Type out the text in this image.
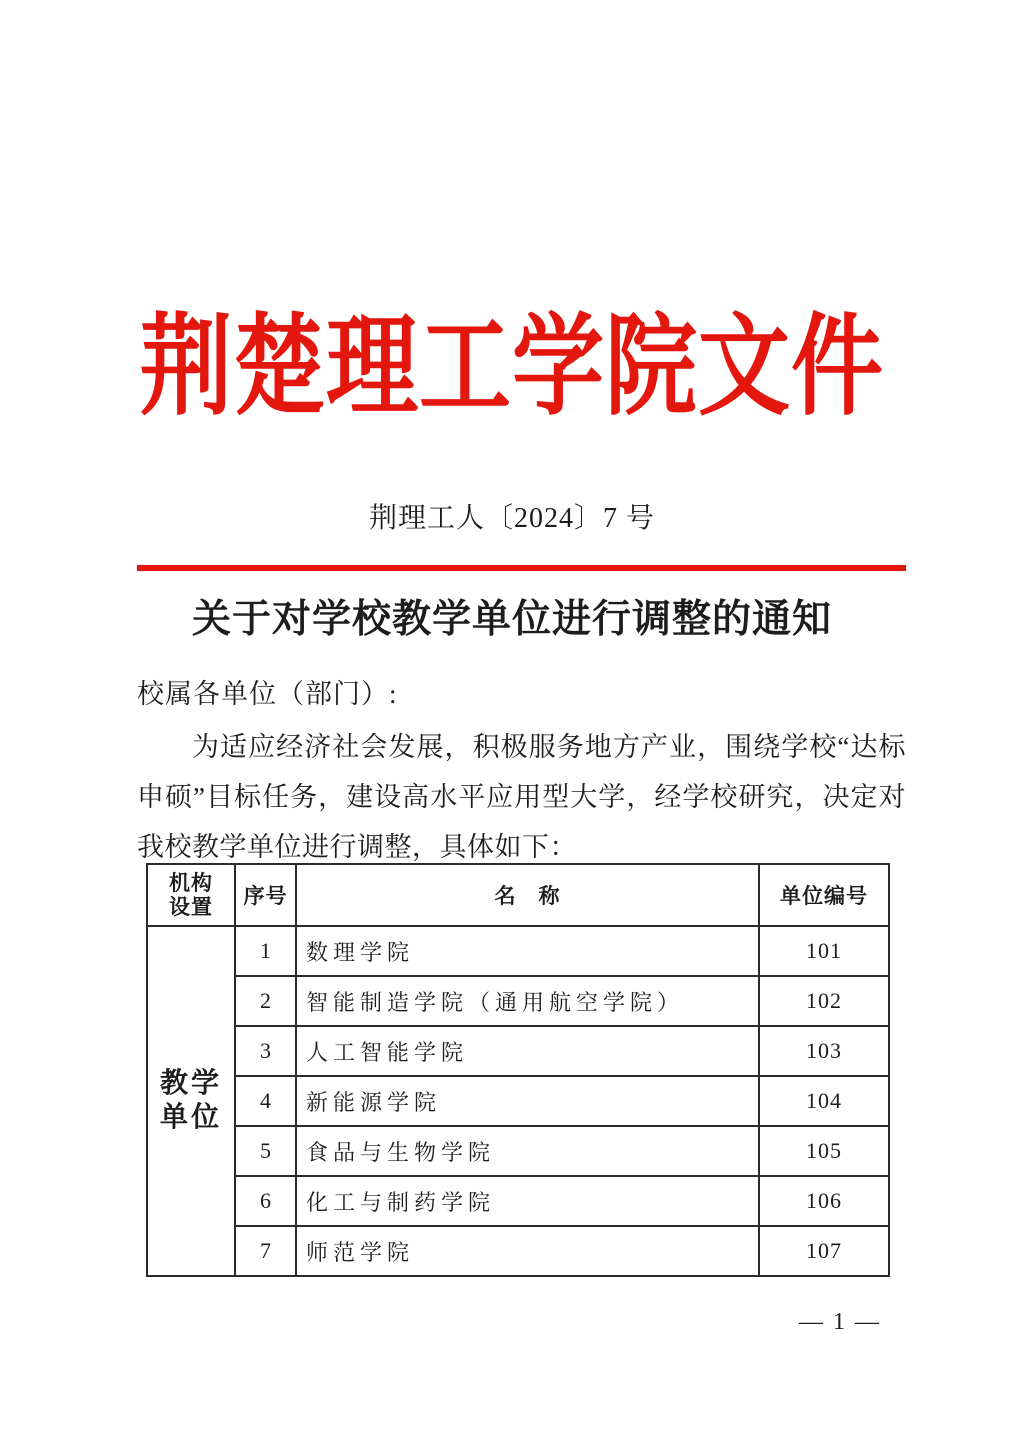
荆楚理工学院文件
荆理工人〔2024〕7 号
关于对学校教学单位进行调整的通知
校属各单位（部门）:
为适应经济社会发展，积极服务地方产业，围绕学校“达标
申硕”目标任务，建设高水平应用型大学，经学校研究，决定对
我校教学单位进行调整，具体如下：
机构
设置	序号	名　称	单位编号

教学
单位	1	数理学院	101
	2	智能制造学院（通用航空学院）	102
	3	人工智能学院	103
	4	新能源学院	104
	5	食品与生物学院	105
	6	化工与制药学院	106
	7	师范学院	107
— 1 —
